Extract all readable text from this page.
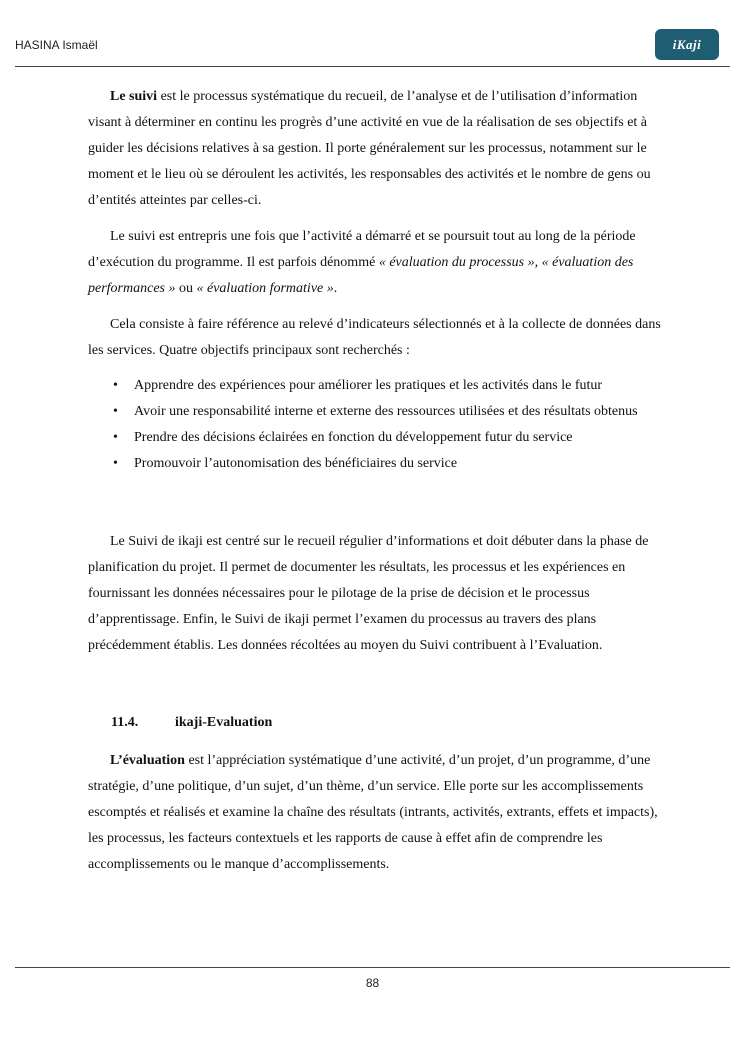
HASINA Ismaël	iKaji

Le suivi est le processus systématique du recueil, de l’analyse et de l’utilisation d’information visant à déterminer en continu les progrès d’une activité en vue de la réalisation de ses objectifs et à guider les décisions relatives à sa gestion. Il porte généralement sur les processus, notamment sur le moment et le lieu où se déroulent les activités, les responsables des activités et le nombre de gens ou d’entités atteintes par celles-ci.

Le suivi est entrepris une fois que l’activité a démarré et se poursuit tout au long de la période d’exécution du programme. Il est parfois dénommé « évaluation du processus », « évaluation des performances » ou « évaluation formative ».

Cela consiste à faire référence au relevé d’indicateurs sélectionnés et à la collecte de données dans les services. Quatre objectifs principaux sont recherchés :

• Apprendre des expériences pour améliorer les pratiques et les activités dans le futur
• Avoir une responsabilité interne et externe des ressources utilisées et des résultats obtenus
• Prendre des décisions éclairées en fonction du développement futur du service
• Promouvoir l’autonomisation des bénéficiaires du service

Le Suivi de ikaji est centré sur le recueil régulier d’informations et doit débuter dans la phase de planification du projet. Il permet de documenter les résultats, les processus et les expériences en fournissant les données nécessaires pour le pilotage de la prise de décision et le processus d’apprentissage. Enfin, le Suivi de ikaji permet l’examen du processus au travers des plans précédemment établis. Les données récoltées au moyen du Suivi contribuent à l’Evaluation.

11.4.	ikaji-Evaluation

L’évaluation est l’appréciation systématique d’une activité, d’un projet, d’un programme, d’une stratégie, d’une politique, d’un sujet, d’un thème, d’un service. Elle porte sur les accomplissements escomptés et réalisés et examine la chaîne des résultats (intrants, activités, extrants, effets et impacts), les processus, les facteurs contextuels et les rapports de cause à effet afin de comprendre les accomplissements ou le manque d’accomplissements.

88
